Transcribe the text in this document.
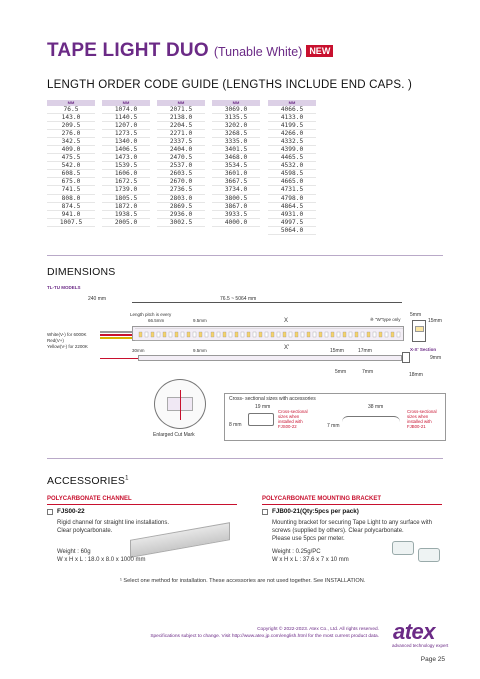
TAPE LIGHT DUO (Tunable White) NEW
LENGTH ORDER CODE GUIDE (LENGTHS INCLUDE END CAPS. )
MM
76.5
143.0
209.5
276.0
342.5
409.0
475.5
542.0
608.5
675.0
741.5
808.0
874.5
941.0
1007.5
MM
1074.0
1140.5
1207.0
1273.5
1340.0
1406.5
1473.0
1539.5
1606.0
1672.5
1739.0
1805.5
1872.0
1938.5
2005.0
MM
2071.5
2138.0
2204.5
2271.0
2337.5
2404.0
2470.5
2537.0
2603.5
2670.0
2736.5
2803.0
2869.5
2936.0
3002.5
MM
3069.0
3135.5
3202.0
3268.5
3335.0
3401.5
3468.0
3534.5
3601.0
3667.5
3734.0
3800.5
3867.0
3933.5
4000.0
MM
4066.5
4133.0
4199.5
4266.0
4332.5
4399.0
4465.5
4532.0
4598.5
4665.0
4731.5
4798.0
4864.5
4931.0
4997.5
5064.0
DIMENSIONS
TL-TU MODELS
240 mm	76.5 ~ 5064 mm
Length pitch is every
66.5mm	9.5mm	X	※ "W"type only
5mm
White(V-) for 6000K
Red(V+)
Yellow(V-) for 2200K
15mm
X-X' Section
30mm	9.5mm	X'	15mm	17mm
9mm
5mm	7mm	18mm
Enlarged Cut Mark
Cross- sectional sizes with accessories
19 mm
8 mm
Cross-sectional sizes when installed with FJS00-22
38 mm
7 mm
Cross-sectional sizes when installed with FJB00-21
ACCESSORIES$^1$
POLYCARBONATE CHANNEL
FJS00-22
Rigid channel for straight line installations.
Clear polycarbonate.
Weight : 60g
W x H x L : 18.0 x 8.0 x 1000 mm
POLYCARBONATE MOUNTING BRACKET
FJB00-21(Qty:5pcs per pack)
Mounting bracket for securing Tape Light to any surface with
screws (supplied by others). Clear polycarbonate.
Please use 5pcs per meter.
Weight : 0.25g/PC
W x H x L : 37.6 x 7 x 10 mm
¹ Select one method for installation. These accessories are not used together. See INSTALLATION.
Copyright © 2022-2023. Atex Co., Ltd. All rights reserved.
Specifications subject to change. Visit http://www.atex.jp.com/english.html for the most current product data. atex
advanced technology expert
Page 25
